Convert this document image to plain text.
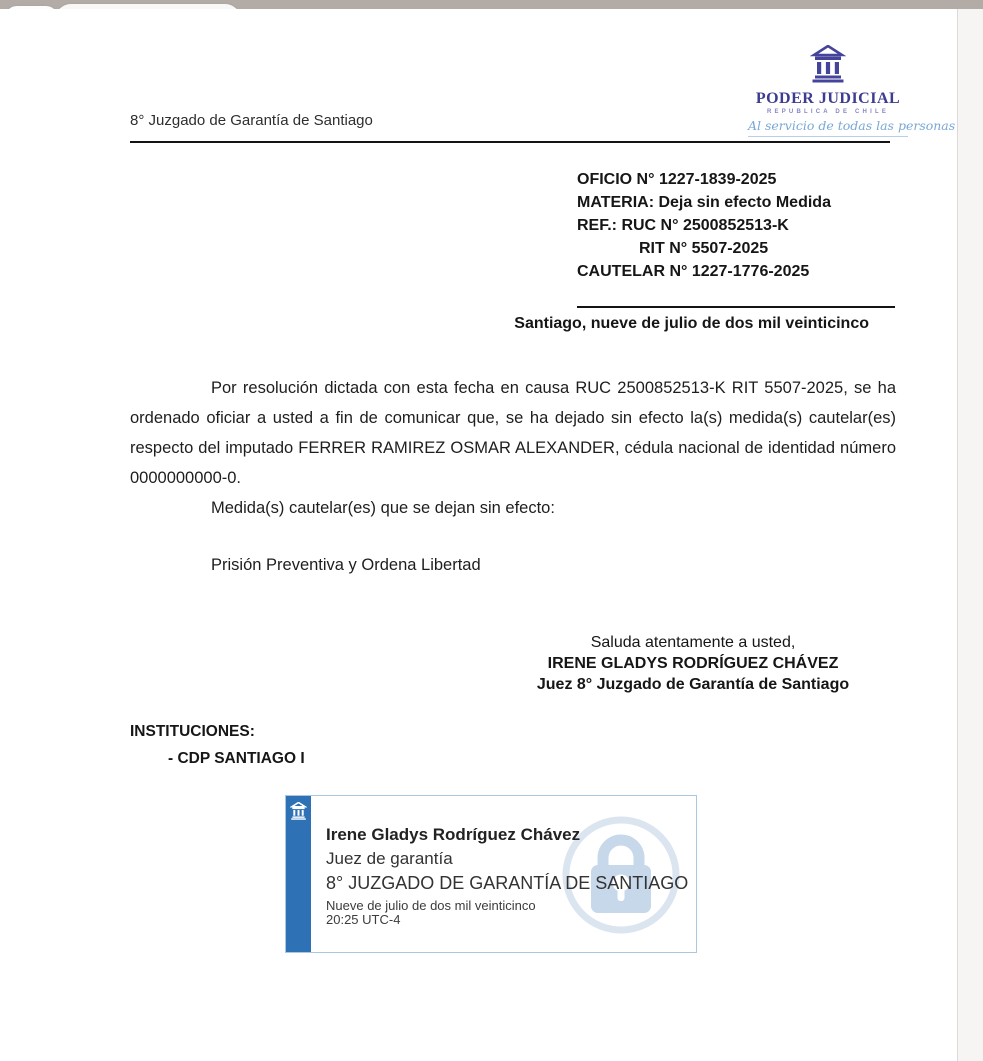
8° Juzgado de Garantía de Santiago
PODER JUDICIAL
REPUBLICA DE CHILE
Al servicio de todas las personas
OFICIO N° 1227-1839-2025
MATERIA: Deja sin efecto Medida
REF.: RUC N° 2500852513-K
RIT N° 5507-2025
CAUTELAR N° 1227-1776-2025
Santiago, nueve de julio de dos mil veinticinco

Por resolución dictada con esta fecha en causa RUC 2500852513-K RIT 5507-2025, se ha ordenado oficiar a usted a fin de comunicar que, se ha dejado sin efecto la(s) medida(s) cautelar(es) respecto del imputado FERRER RAMIREZ OSMAR ALEXANDER, cédula nacional de identidad número 0000000000-0.

Medida(s) cautelar(es) que se dejan sin efecto:

Prisión Preventiva y Ordena Libertad

Saluda atentamente a usted,
IRENE GLADYS RODRÍGUEZ CHÁVEZ
Juez 8° Juzgado de Garantía de Santiago
INSTITUCIONES:
- CDP SANTIAGO I
Irene Gladys Rodríguez Chávez
Juez de garantía
8° JUZGADO DE GARANTÍA DE SANTIAGO
Nueve de julio de dos mil veinticinco
20:25 UTC-4
